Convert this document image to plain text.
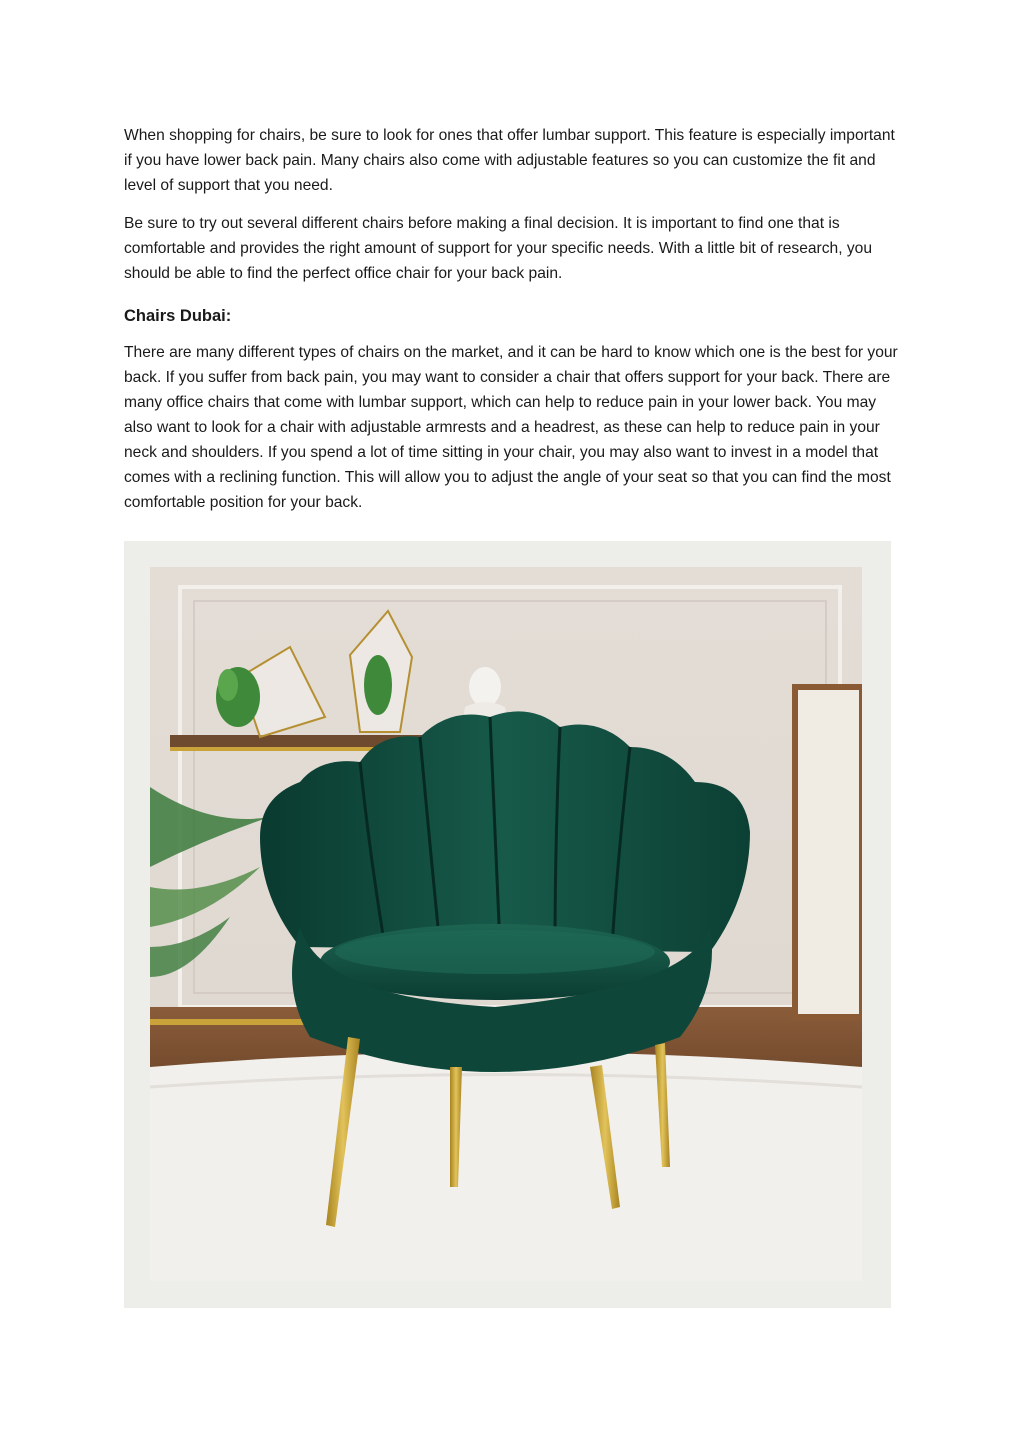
When shopping for chairs, be sure to look for ones that offer lumbar support. This feature is especially important if you have lower back pain. Many chairs also come with adjustable features so you can customize the fit and level of support that you need.

Be sure to try out several different chairs before making a final decision. It is important to find one that is comfortable and provides the right amount of support for your specific needs. With a little bit of research, you should be able to find the perfect office chair for your back pain.

Chairs Dubai:

There are many different types of chairs on the market, and it can be hard to know which one is the best for your back. If you suffer from back pain, you may want to consider a chair that offers support for your back. There are many office chairs that come with lumbar support, which can help to reduce pain in your lower back. You may also want to look for a chair with adjustable armrests and a headrest, as these can help to reduce pain in your neck and shoulders. If you spend a lot of time sitting in your chair, you may also want to invest in a model that comes with a reclining function. This will allow you to adjust the angle of your seat so that you can find the most comfortable position for your back.
